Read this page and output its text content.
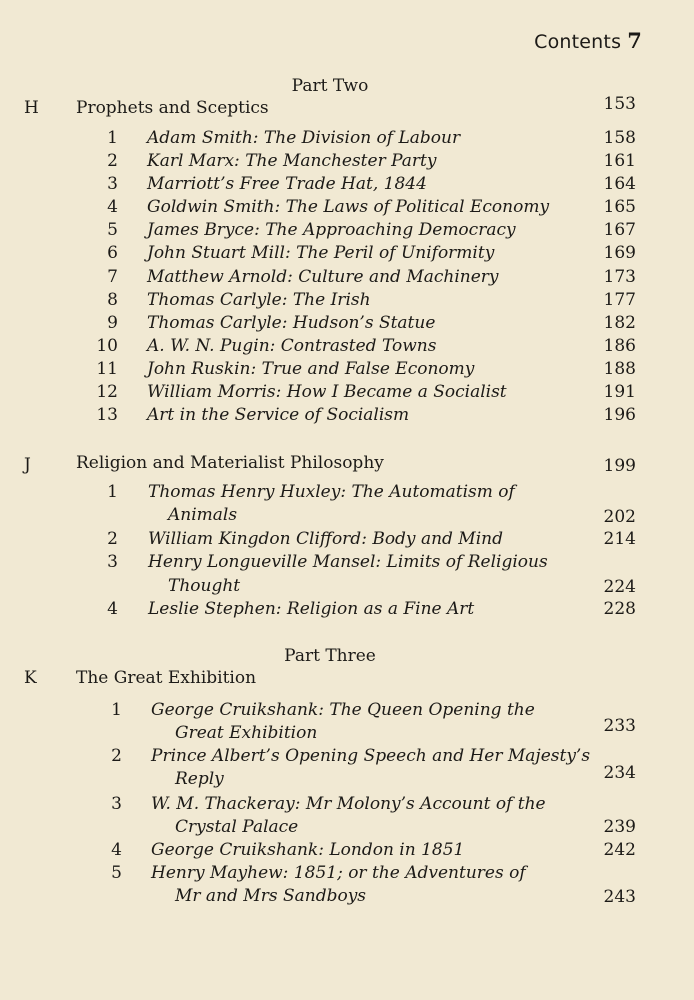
Contents 7
Part Two
H Prophets and Sceptics	153
1 Adam Smith: The Division of Labour	158
2 Karl Marx: The Manchester Party	161
3 Marriott’s Free Trade Hat, 1844	164
4 Goldwin Smith: The Laws of Political Economy	165
5 James Bryce: The Approaching Democracy	167
6 John Stuart Mill: The Peril of Uniformity	169
7 Matthew Arnold: Culture and Machinery	173
8 Thomas Carlyle: The Irish	177
9 Thomas Carlyle: Hudson’s Statue	182
10 A. W. N. Pugin: Contrasted Towns	186
11 John Ruskin: True and False Economy	188
12 William Morris: How I Became a Socialist	191
13 Art in the Service of Socialism	196
J	Religion and Materialist Philosophy	199
1 Thomas Henry Huxley: The Automatism of
Animals	202
2 William Kingdon Clifford: Body and Mind	214
3 Henry Longueville Mansel: Limits of Religious
Thought	224
4 Leslie Stephen: Religion as a Fine Art	228
Part Three
K The Great Exhibition
1 George Cruikshank: The Queen Opening the
Great Exhibition	233
2 Prince Albert’s Opening Speech and Her Majesty’s
Reply	234
3 W. M. Thackeray: Mr Molony’s Account of the
Crystal Palace	239
4 George Cruikshank: London in 1851	242
5 Henry Mayhew: 1851; or the Adventures of
Mr and Mrs Sandboys	243
